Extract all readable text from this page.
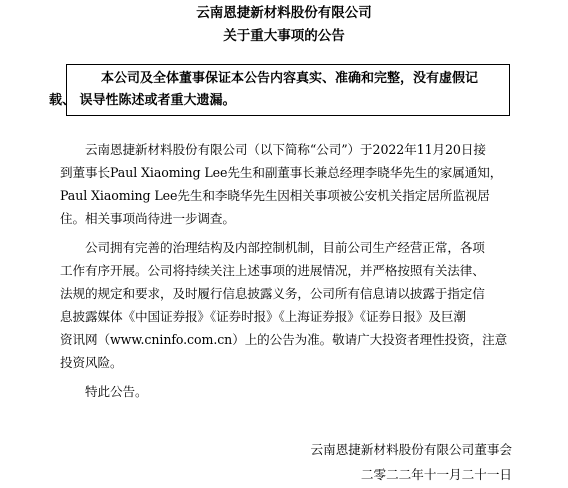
云南恩捷新材料股份有限公司
关于重大事项的公告
本公司及全体董事保证本公告内容真实、准确和完整，没有虚假记
载、 误导性陈述或者重大遗漏。

云南恩捷新材料股份有限公司（以下简称“公司”）于2022年11月20日接
到董事长Paul Xiaoming Lee先生和副董事长兼总经理李晓华先生的家属通知，
Paul Xiaoming Lee先生和李晓华先生因相关事项被公安机关指定居所监视居
住。相关事项尚待进一步调查。

公司拥有完善的治理结构及内部控制机制，目前公司生产经营正常，各项
工作有序开展。公司将持续关注上述事项的进展情况，并严格按照有关法律、
法规的规定和要求，及时履行信息披露义务，公司所有信息请以披露于指定信
息披露媒体《中国证券报》《证券时报》《上海证券报》《证券日报》及巨潮
资讯网（www.cninfo.com.cn）上的公告为准。敬请广大投资者理性投资，注意
投资风险。

特此公告。

云南恩捷新材料股份有限公司董事会
二零二二年十一月二十一日
